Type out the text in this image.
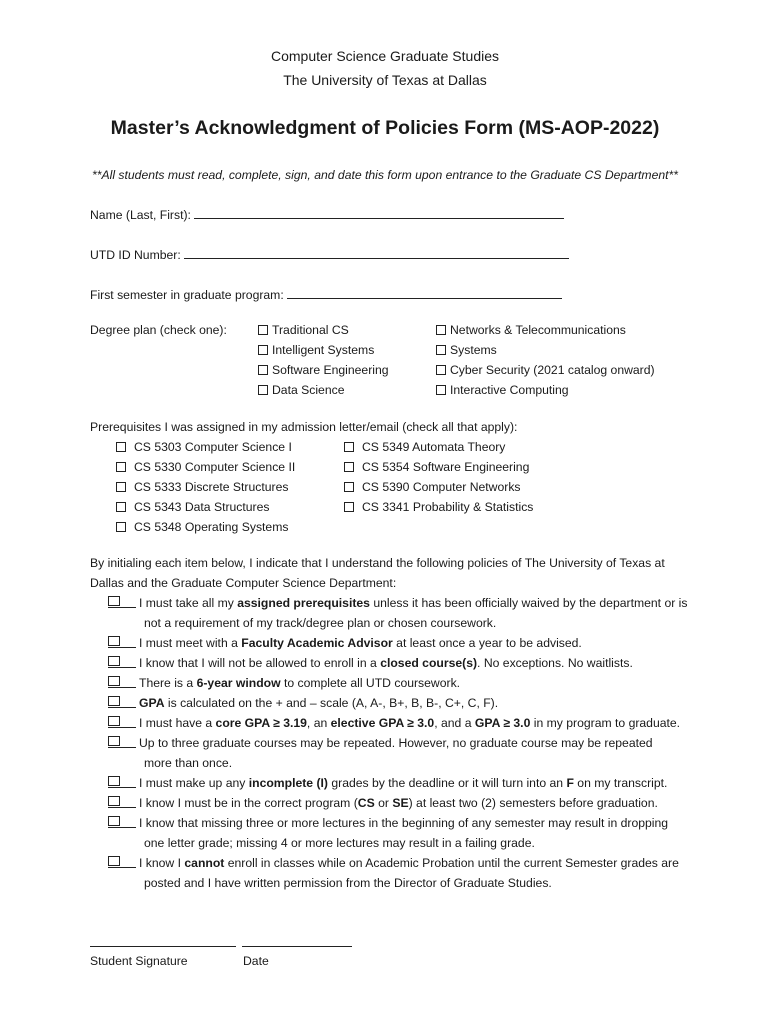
Computer Science Graduate Studies
The University of Texas at Dallas
Master’s Acknowledgment of Policies Form (MS-AOP-2022)
**All students must read, complete, sign, and date this form upon entrance to the Graduate CS Department**
Name (Last, First):
UTD ID Number:
First semester in graduate program:
Degree plan (check one):	Traditional CS
Intelligent Systems
Software Engineering
Data Science
Networks & Telecommunications
Systems
Cyber Security (2021 catalog onward)
Interactive Computing
Prerequisites I was assigned in my admission letter/email (check all that apply):
CS 5303 Computer Science I
CS 5330 Computer Science II
CS 5333 Discrete Structures
CS 5343 Data Structures
CS 5348 Operating Systems
CS 5349 Automata Theory
CS 5354 Software Engineering
CS 5390 Computer Networks
CS 3341 Probability & Statistics
By initialing each item below, I indicate that I understand the following policies of The University of Texas at
Dallas and the Graduate Computer Science Department:
I must take all my assigned prerequisites unless it has been officially waived by the department or is
not a requirement of my track/degree plan or chosen coursework.
I must meet with a Faculty Academic Advisor at least once a year to be advised.
I know that I will not be allowed to enroll in a closed course(s). No exceptions. No waitlists.
There is a 6-year window to complete all UTD coursework.
GPA is calculated on the + and – scale (A, A-, B+, B, B-, C+, C, F).
I must have a core GPA ≥ 3.19, an elective GPA ≥ 3.0, and a GPA ≥ 3.0 in my program to graduate.
Up to three graduate courses may be repeated. However, no graduate course may be repeated
more than once.
I must make up any incomplete (I) grades by the deadline or it will turn into an F on my transcript.
I know I must be in the correct program (CS or SE) at least two (2) semesters before graduation.
I know that missing three or more lectures in the beginning of any semester may result in dropping
one letter grade; missing 4 or more lectures may result in a failing grade.
I know I cannot enroll in classes while on Academic Probation until the current Semester grades are
posted and I have written permission from the Director of Graduate Studies.
Student Signature	Date
